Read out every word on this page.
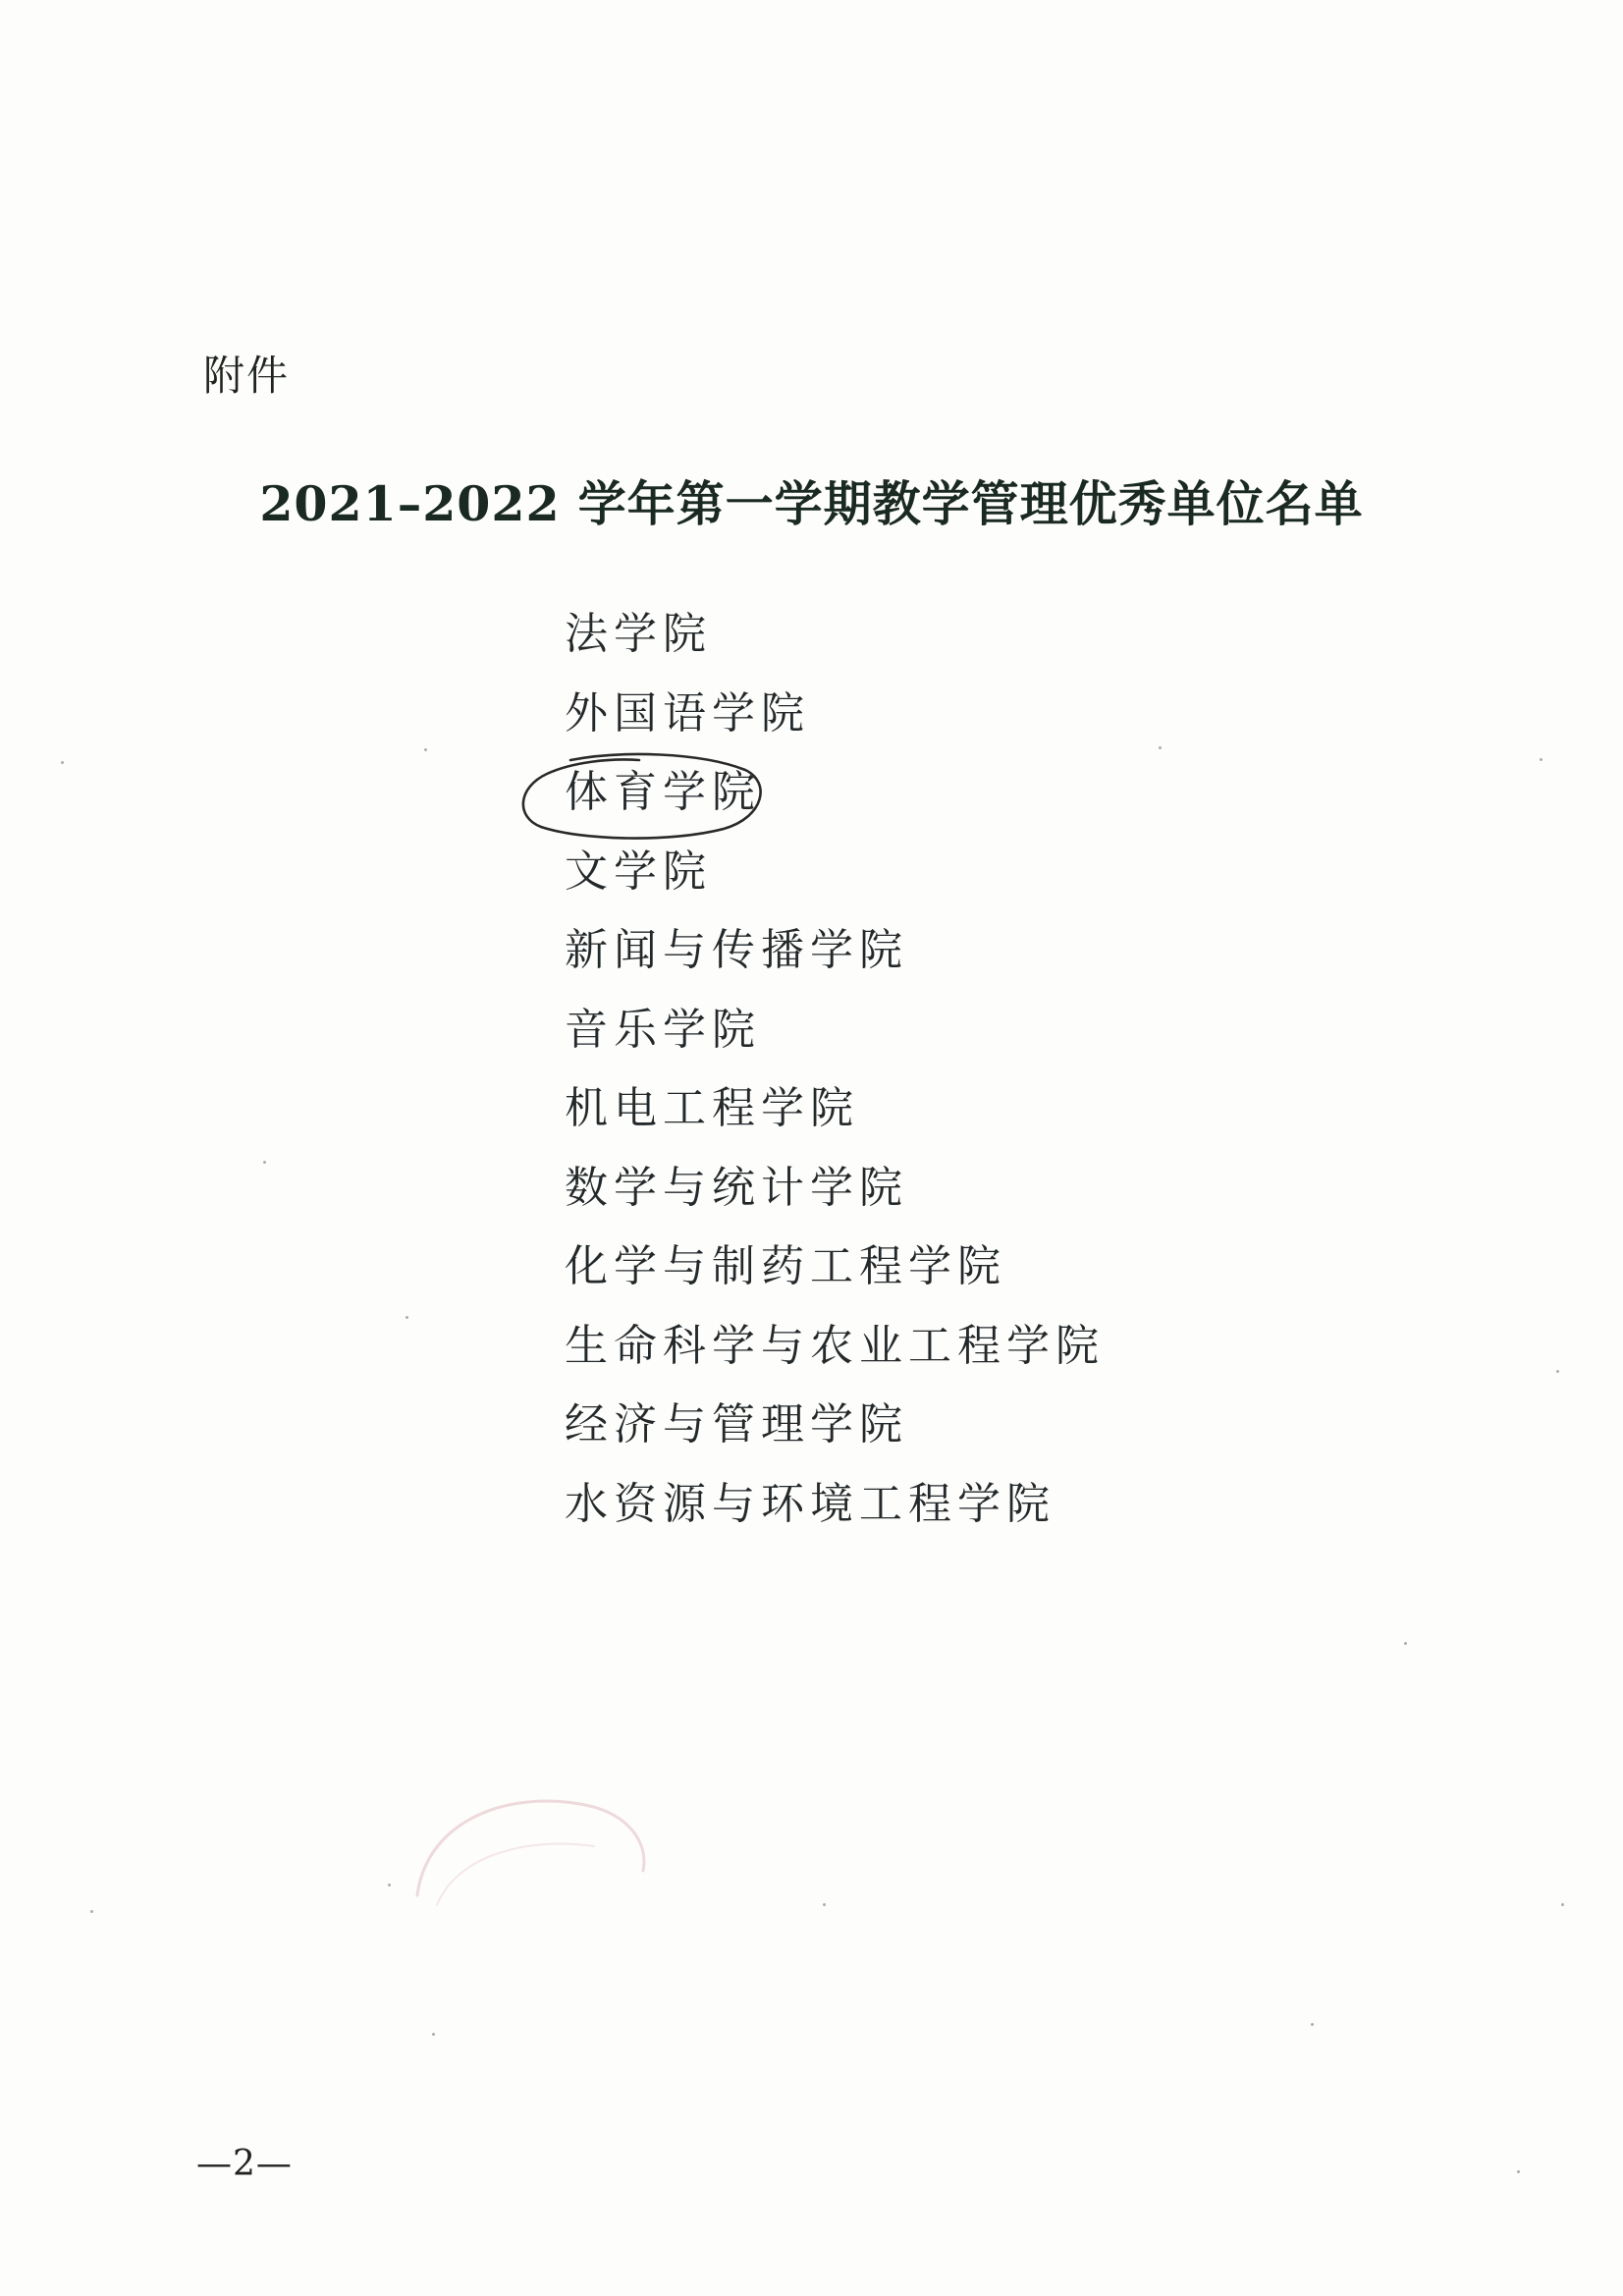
附件
2021–2022 学年第一学期教学管理优秀单位名单
法学院
外国语学院
体育学院
文学院
新闻与传播学院
音乐学院
机电工程学院
数学与统计学院
化学与制药工程学院
生命科学与农业工程学院
经济与管理学院
水资源与环境工程学院
—2—
